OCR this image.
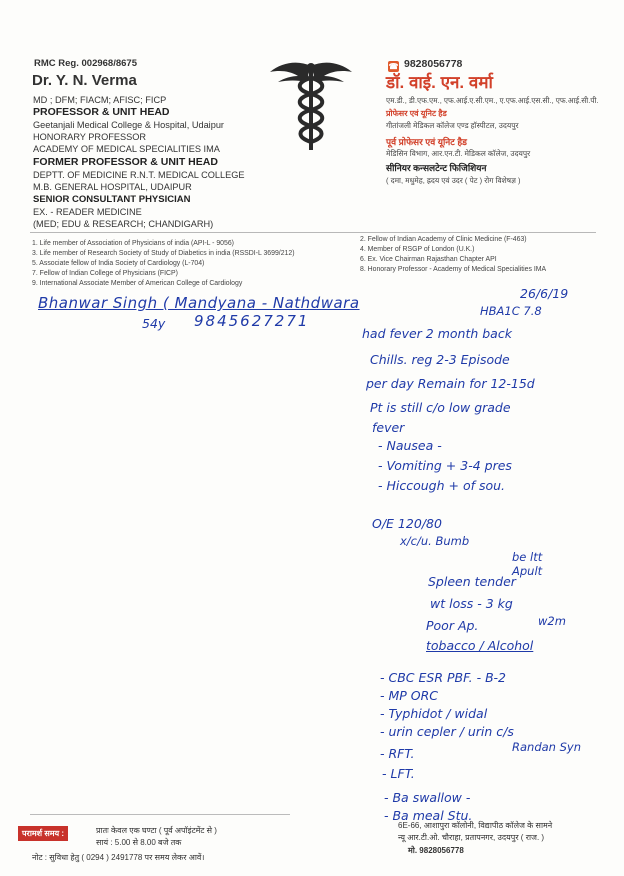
RMC Reg. 002968/8675
Dr. Y. N. Verma
MD ; DFM; FIACM; AFISC; FICP
PROFESSOR & UNIT HEAD
Geetanjali Medical College & Hospital, Udaipur
HONORARY PROFESSOR
ACADEMY OF MEDICAL SPECIALITIES IMA
FORMER PROFESSOR & UNIT HEAD
DEPTT. OF MEDICINE R.N.T. MEDICAL COLLEGE
M.B. GENERAL HOSPITAL, UDAIPUR
SENIOR CONSULTANT PHYSICIAN
EX. - READER MEDICINE
(MED; EDU & RESEARCH; CHANDIGARH)
☎ 9828056778
डॉ. वाई. एन. वर्मा
एम.डी., डी.एफ.एम., एफ.आई.ए.सी.एम., ए.एफ.आई.एस.सी., एफ.आई.सी.पी.
प्रोफेसर एवं यूनिट हैड
गीतांजली मेडिकल कॉलेज एण्ड हॉस्पीटल, उदयपुर
पूर्व प्रोफेसर एवं यूनिट हैड
मेडिसिन विभाग, आर.एन.टी. मेडिकल कॉलेज, उदयपुर
सीनियर कन्सलटेन्ट फिजिशियन
( दमा, मधुमेह, ह्रदय एवं उदर ( पेट ) रोग विशेषज्ञ )
1. Life member of Association of Physicians of india (API-L - 9056)
3. Life member of Research Society of Study of Diabetics in india (RSSDI-L 3699/212)
5. Associate fellow of India Society of Cardiology (L-704)
7. Fellow of Indian College of Physicians (FICP)
9. International Associate Member of American College of Cardiology
2. Fellow of Indian Academy of Clinic Medicine (F-463)
4. Member of RSGP of London (U.K.)
6. Ex. Vice Chairman Rajasthan Chapter API
8. Honorary Professor - Academy of Medical Specialities IMA
Bhanwar Singh ( Mandyana - Nathdwara
26/6/19
54y 9845627271
HBA1C 7.8
had fever 2 month back
Chills. reg 2-3 Episode
per day Remain for 12-15d
Pt is still c/o low grade
fever
- Nausea -
- Vomiting + 3-4 pres
- Hiccough + of sou.
O/E 120/80
x/c/u. Bumb
be ltt
Apult
Spleen tender
wt loss - 3 kg
w2m
Poor Ap.
tobacco / Alcohol
- CBC ESR PBF. - B-2
- MP ORC
- Typhidot / widal
- urin cepler / urin c/s
- RFT.
- LFT.
- Ba swallow -
- Ba meal Stu.
Randan Syn
परामर्श समय :	प्रातः केवल एक घण्टा ( पूर्व अपॉइंटमेंट से )
सायं : 5.00 से 8.00 बजे तक
नोट : सुविधा हेतु ( 0294 ) 2491778 पर समय लेकर आवें।
6E-66, आशापुरा कॉलोनी, विद्यापीठ कॉलेज के सामने
न्यू आर.टी.ओ. चौराहा, प्रतापनगर, उदयपुर ( राज. )
मो. 9828056778
